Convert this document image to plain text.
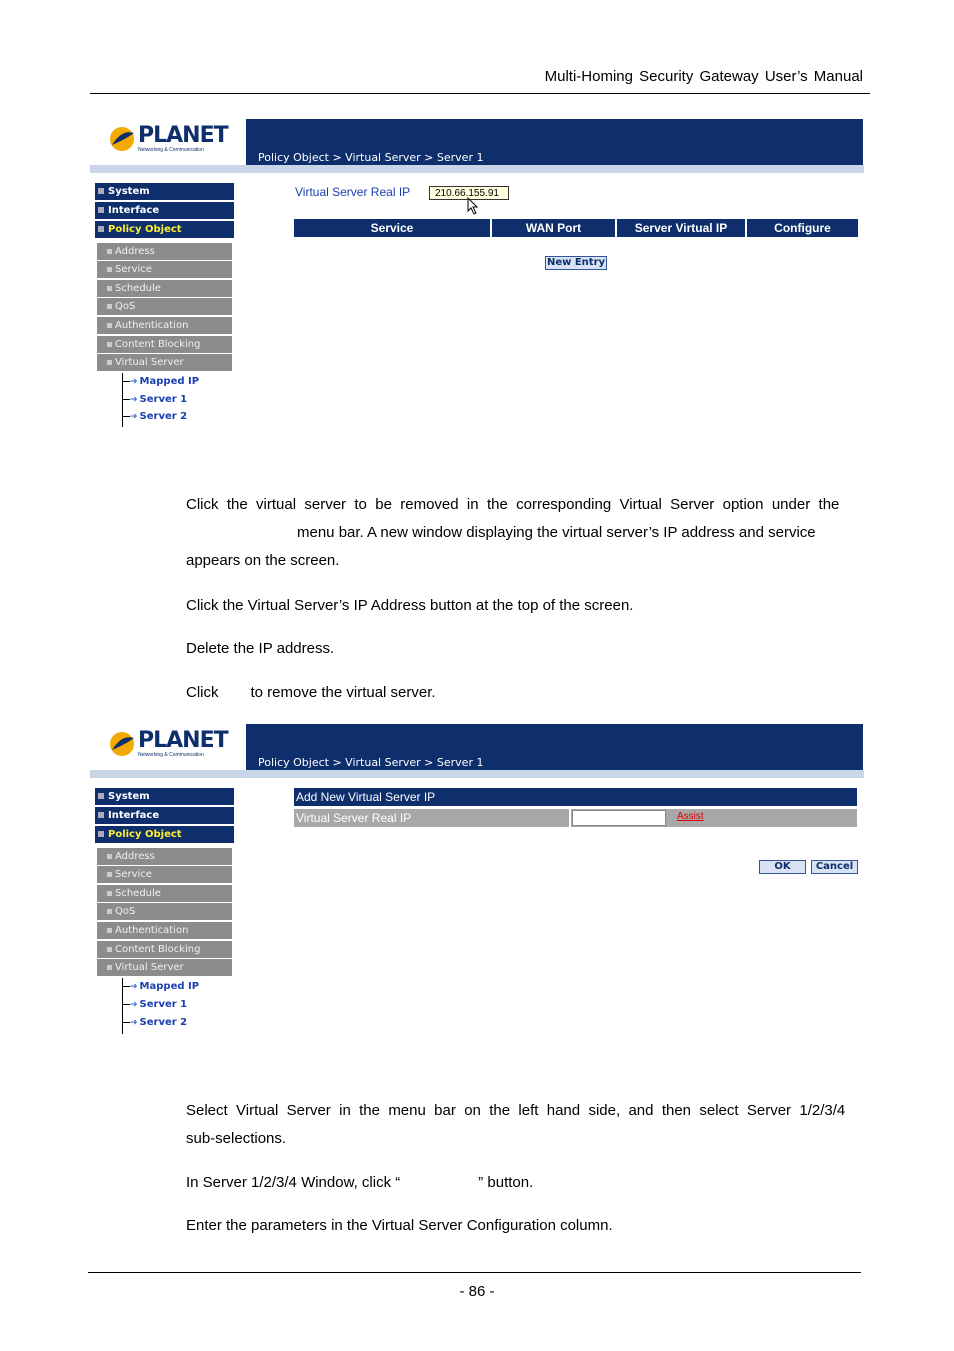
Multi-Homing Security Gateway User’s Manual
PLANET
Networking & Communication
Policy Object > Virtual Server > Server 1
System
Interface
Policy Object
Address
Service
Schedule
QoS
Authentication
Content Blocking
Virtual Server
➔ Mapped IP
➔ Server 1
➔ Server 2
Virtual Server Real IP	210.66.155.91
Service	WAN Port	Server Virtual IP	Configure
New Entry
Click  the  virtual  server  to  be  removed  in  the  corresponding  Virtual  Server  option  under  the
menu bar. A new window displaying the virtual server’s IP address and service
appears on the screen.
Click the Virtual Server’s IP Address button at the top of the screen.
Delete the IP address.
Click to remove the virtual server.
PLANET
Networking & Communication
Policy Object > Virtual Server > Server 1
System
Interface
Policy Object
Address
Service
Schedule
QoS
Authentication
Content Blocking
Virtual Server
➔ Mapped IP
➔ Server 1
➔ Server 2
Add New Virtual Server IP
Virtual Server Real IP	Assist
OK	Cancel
Select  Virtual  Server  in  the  menu  bar  on  the  left  hand  side,  and  then  select  Server  1/2/3/4
sub-selections.
In Server 1/2/3/4 Window, click “	” button.
Enter the parameters in the Virtual Server Configuration column.
- 86 -
